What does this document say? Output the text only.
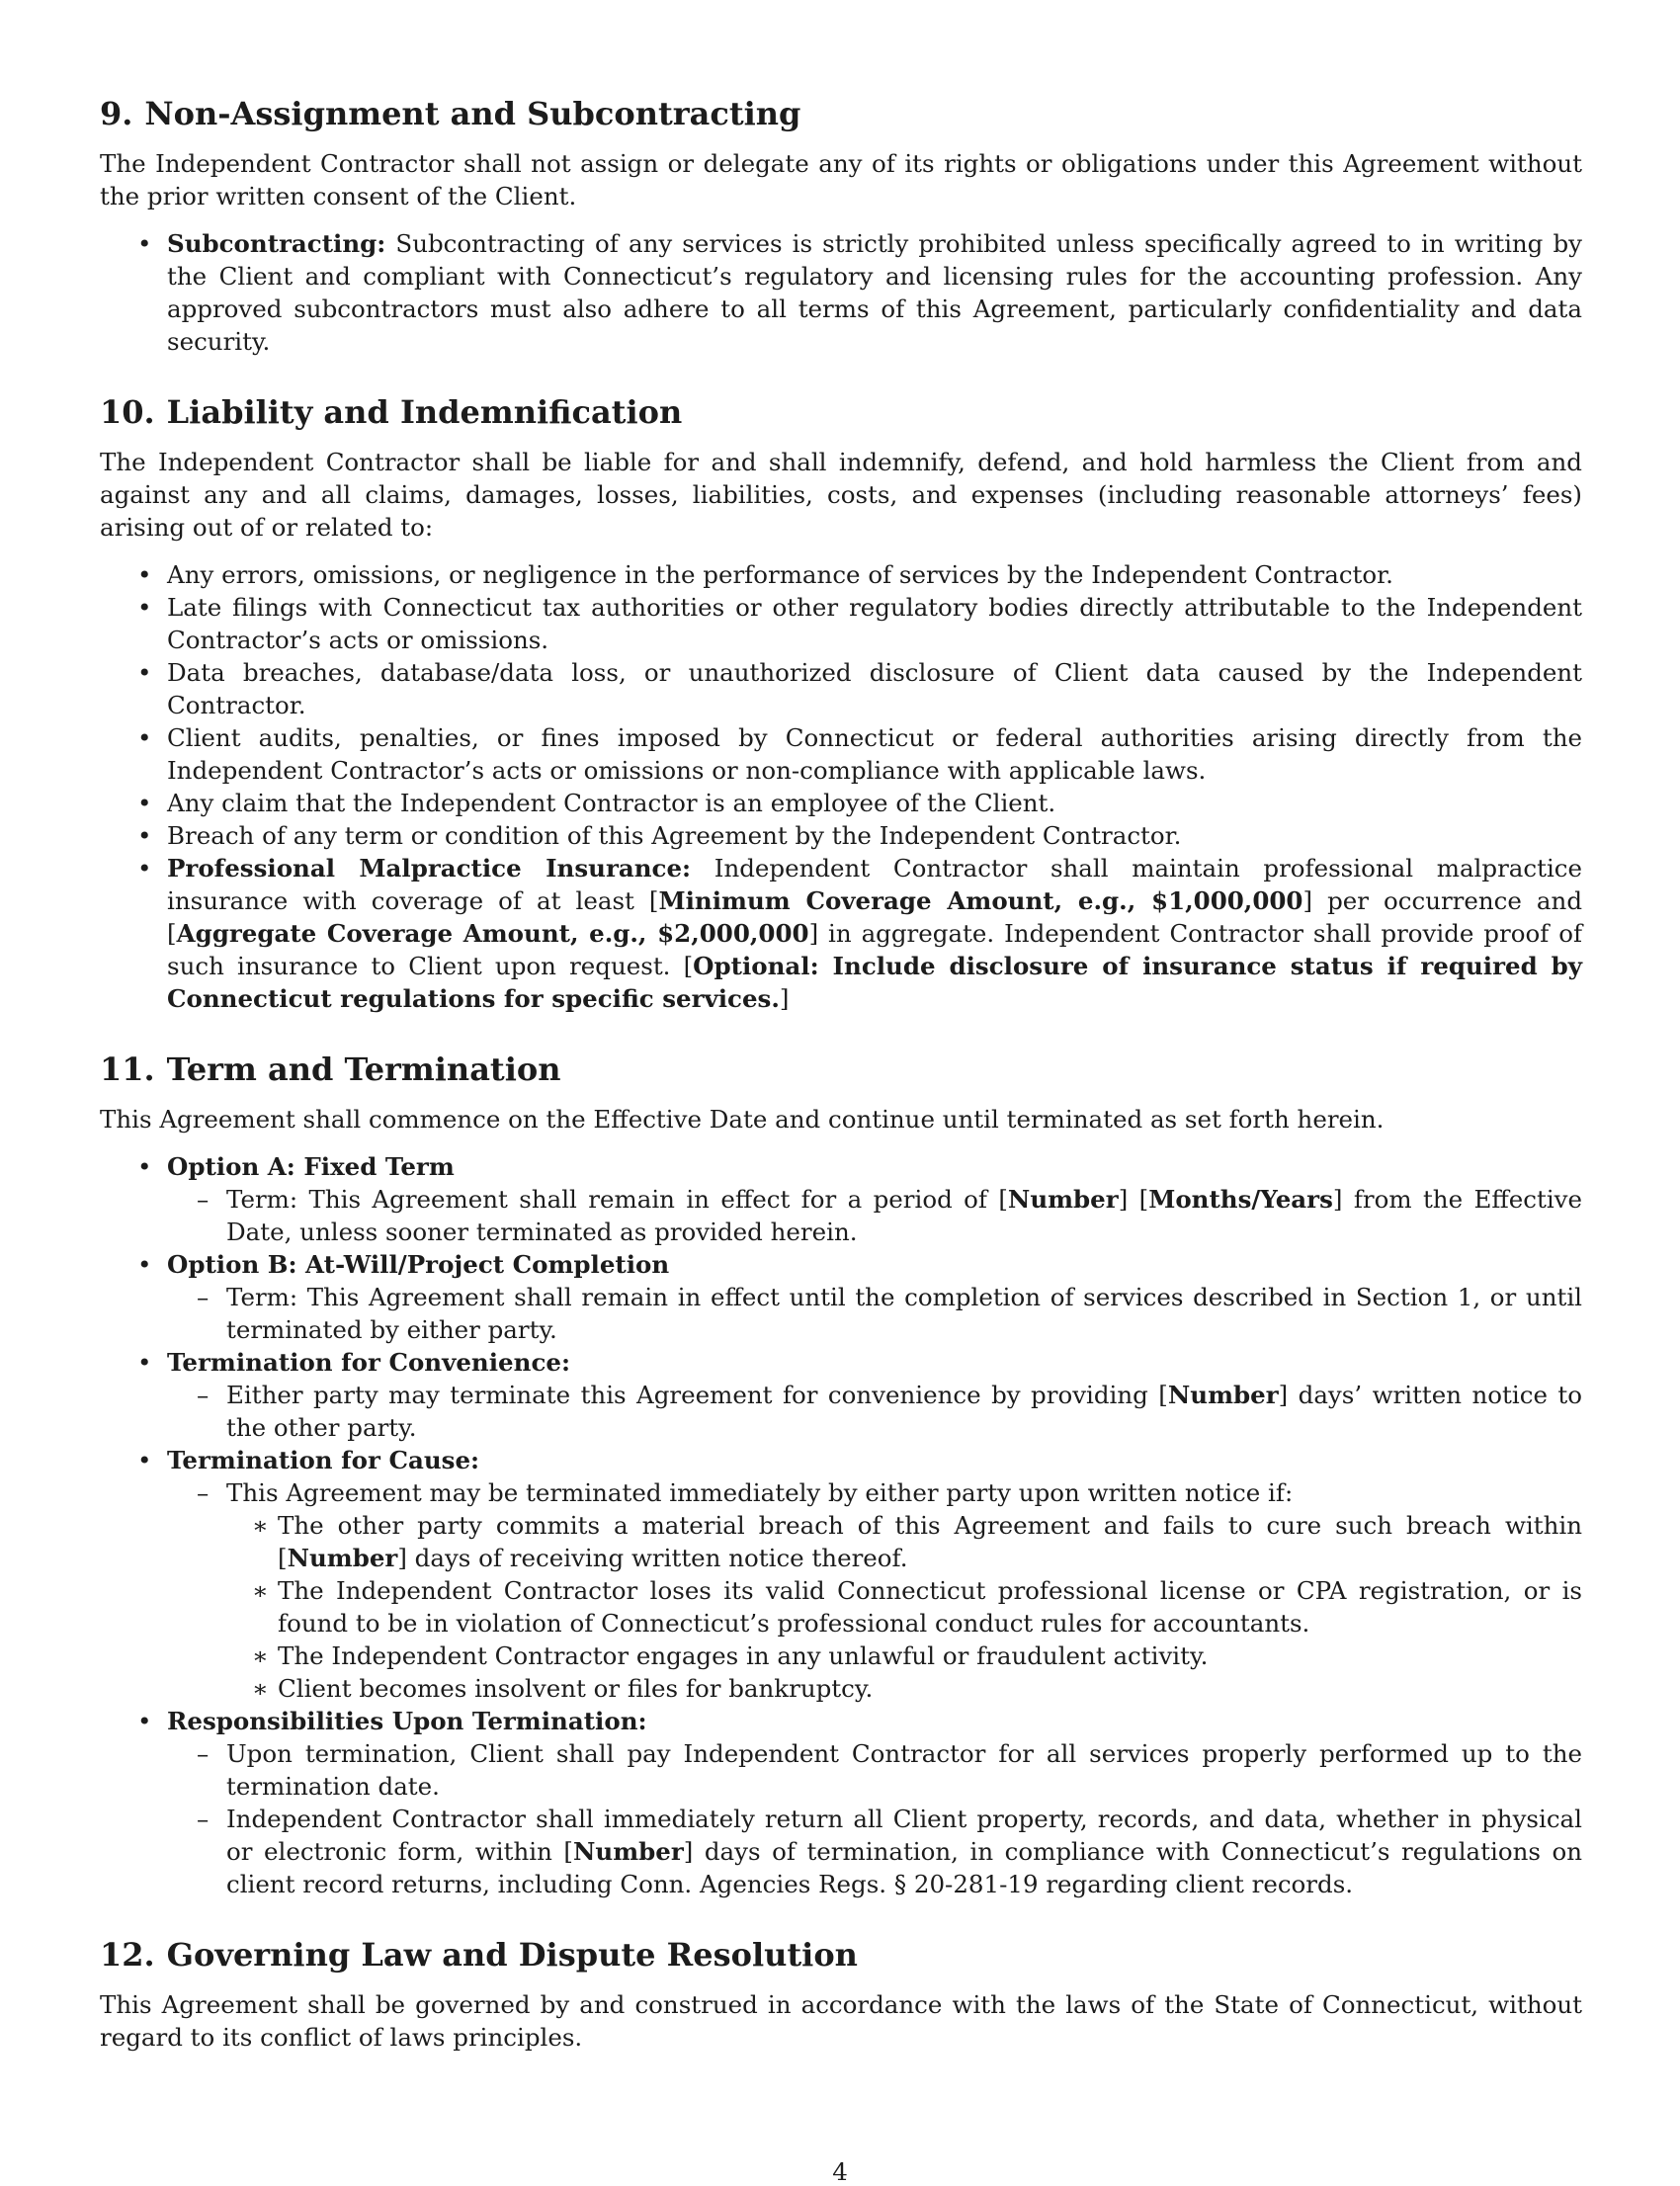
9. Non-Assignment and Subcontracting

The Independent Contractor shall not assign or delegate any of its rights or obligations under this Agreement without the prior written consent of the Client.

• Subcontracting: Subcontracting of any services is strictly prohibited unless specifically agreed to in writing by the Client and compliant with Connecticut’s regulatory and licensing rules for the accounting profession. Any approved subcontractors must also adhere to all terms of this Agreement, particularly confidentiality and data security.
10. Liability and Indemnification

The Independent Contractor shall be liable for and shall indemnify, defend, and hold harmless the Client from and against any and all claims, damages, losses, liabilities, costs, and expenses (including reasonable attorneys’ fees) arising out of or related to:

• Any errors, omissions, or negligence in the performance of services by the Independent Contractor.
• Late filings with Connecticut tax authorities or other regulatory bodies directly attributable to the Independent Contractor’s acts or omissions.
• Data breaches, database/data loss, or unauthorized disclosure of Client data caused by the Independent Contractor.
• Client audits, penalties, or fines imposed by Connecticut or federal authorities arising directly from the Independent Contractor’s acts or omissions or non-compliance with applicable laws.
• Any claim that the Independent Contractor is an employee of the Client.
• Breach of any term or condition of this Agreement by the Independent Contractor.
• Professional Malpractice Insurance: Independent Contractor shall maintain professional malpractice insurance with coverage of at least [Minimum Coverage Amount, e.g., $1,000,000] per occurrence and [Aggregate Coverage Amount, e.g., $2,000,000] in aggregate. Independent Contractor shall provide proof of such insurance to Client upon request. [Optional: Include disclosure of insurance status if required by Connecticut regulations for specific services.]
11. Term and Termination

This Agreement shall commence on the Effective Date and continue until terminated as set forth herein.

• Option A: Fixed Term
– Term: This Agreement shall remain in effect for a period of [Number] [Months/Years] from the Effective Date, unless sooner terminated as provided herein.
• Option B: At-Will/Project Completion
– Term: This Agreement shall remain in effect until the completion of services described in Section 1, or until terminated by either party.
• Termination for Convenience:
– Either party may terminate this Agreement for convenience by providing [Number] days’ written notice to the other party.
• Termination for Cause:
– This Agreement may be terminated immediately by either party upon written notice if:
∗ The other party commits a material breach of this Agreement and fails to cure such breach within [Number] days of receiving written notice thereof.
∗ The Independent Contractor loses its valid Connecticut professional license or CPA registration, or is found to be in violation of Connecticut’s professional conduct rules for accountants.
∗ The Independent Contractor engages in any unlawful or fraudulent activity.
∗ Client becomes insolvent or files for bankruptcy.
• Responsibilities Upon Termination:
– Upon termination, Client shall pay Independent Contractor for all services properly performed up to the termination date.
– Independent Contractor shall immediately return all Client property, records, and data, whether in physical or electronic form, within [Number] days of termination, in compliance with Connecticut’s regulations on client record returns, including Conn. Agencies Regs. § 20-281-19 regarding client records.
12. Governing Law and Dispute Resolution

This Agreement shall be governed by and construed in accordance with the laws of the State of Connecticut, without regard to its conflict of laws principles.

4
